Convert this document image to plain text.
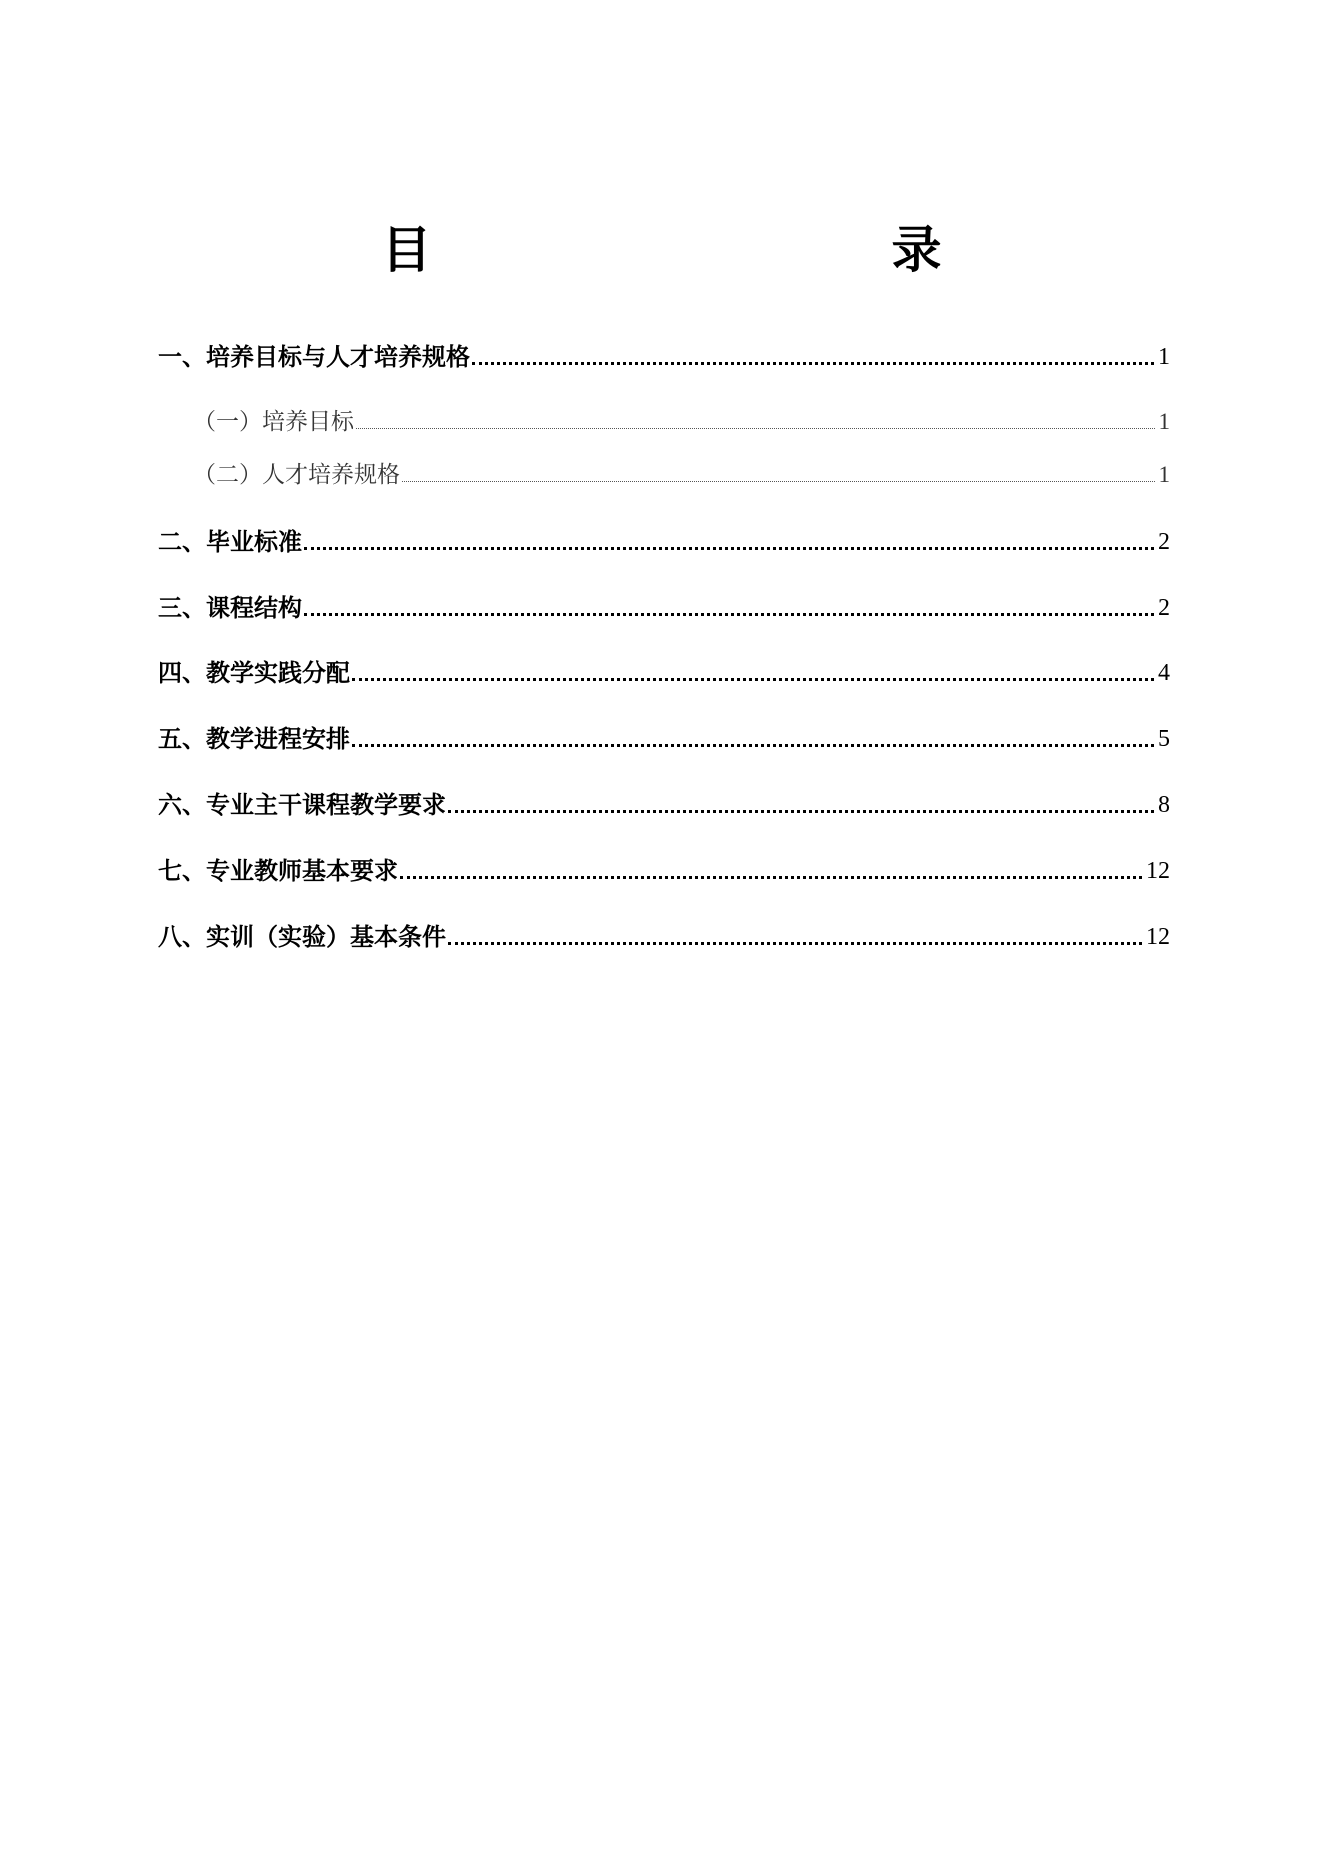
目　　录
一、培养目标与人才培养规格	1
（一）培养目标	1
（二）人才培养规格	1
二、毕业标准	2
三、课程结构	2
四、教学实践分配	4
五、教学进程安排	5
六、专业主干课程教学要求	8
七、专业教师基本要求	12
八、实训（实验）基本条件	12
